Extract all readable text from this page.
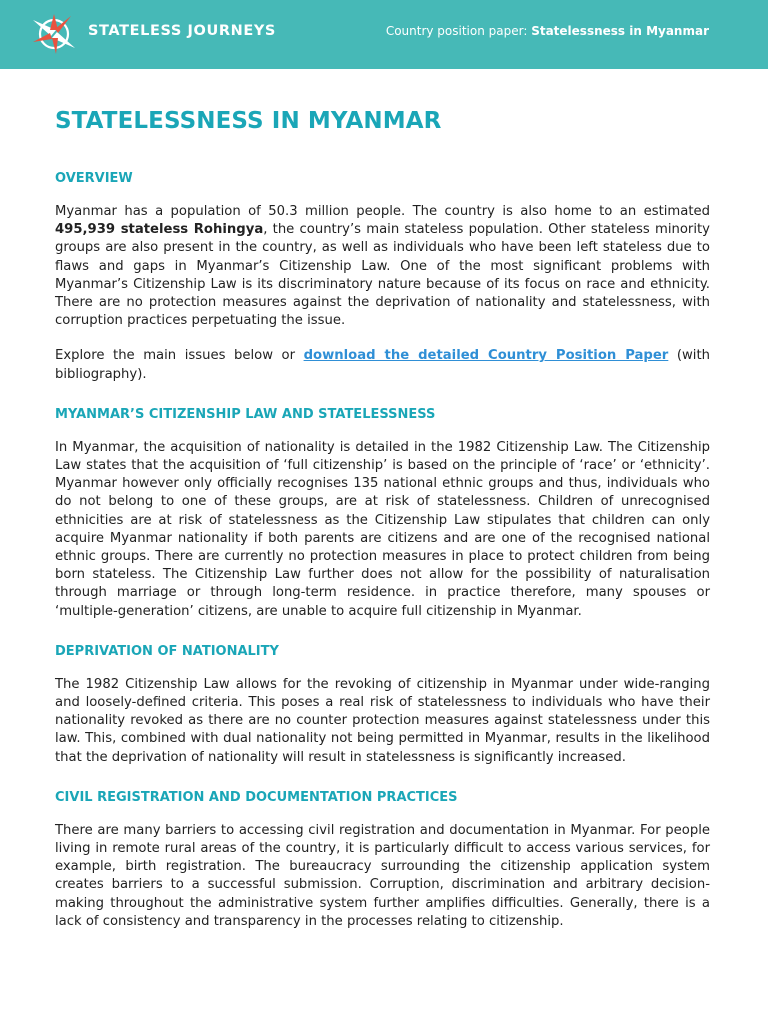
STATELESS JOURNEYS	Country position paper: Statelessness in Myanmar
STATELESSNESS IN MYANMAR
OVERVIEW

Myanmar has a population of 50.3 million people. The country is also home to an estimated 495,939 stateless Rohingya, the country’s main stateless population. Other stateless minority groups are also present in the country, as well as individuals who have been left stateless due to flaws and gaps in Myanmar’s Citizenship Law. One of the most significant problems with Myanmar’s Citizenship Law is its discriminatory nature because of its focus on race and ethnicity. There are no protection measures against the deprivation of nationality and statelessness, with corruption practices perpetuating the issue.

Explore the main issues below or download the detailed Country Position Paper (with bibliography).

MYANMAR’S CITIZENSHIP LAW AND STATELESSNESS

In Myanmar, the acquisition of nationality is detailed in the 1982 Citizenship Law. The Citizenship Law states that the acquisition of ‘full citizenship’ is based on the principle of ‘race’ or ‘ethnicity’. Myanmar however only officially recognises 135 national ethnic groups and thus, individuals who do not belong to one of these groups, are at risk of statelessness. Children of unrecognised ethnicities are at risk of statelessness as the Citizenship Law stipulates that children can only acquire Myanmar nationality if both parents are citizens and are one of the recognised national ethnic groups. There are currently no protection measures in place to protect children from being born stateless. The Citizenship Law further does not allow for the possibility of naturalisation through marriage or through long-term residence. in practice therefore, many spouses or ‘multiple-generation’ citizens, are unable to acquire full citizenship in Myanmar.

DEPRIVATION OF NATIONALITY

The 1982 Citizenship Law allows for the revoking of citizenship in Myanmar under wide-ranging and loosely-defined criteria. This poses a real risk of statelessness to individuals who have their nationality revoked as there are no counter protection measures against statelessness under this law. This, combined with dual nationality not being permitted in Myanmar, results in the likelihood that the deprivation of nationality will result in statelessness is significantly increased.

CIVIL REGISTRATION AND DOCUMENTATION PRACTICES

There are many barriers to accessing civil registration and documentation in Myanmar. For people living in remote rural areas of the country, it is particularly difficult to access various services, for example, birth registration. The bureaucracy surrounding the citizenship application system creates barriers to a successful submission. Corruption, discrimination and arbitrary decision-making throughout the administrative system further amplifies difficulties. Generally, there is a lack of consistency and transparency in the processes relating to citizenship.
